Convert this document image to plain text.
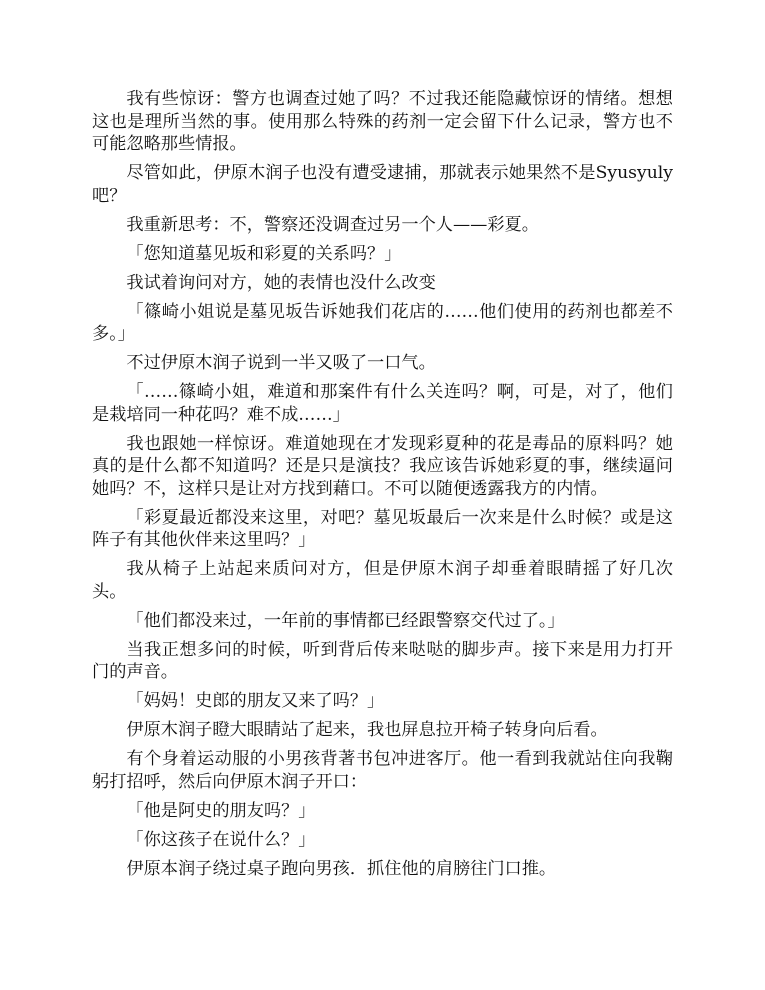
我有些惊讶：警方也调查过她了吗？不过我还能隐藏惊讶的情绪。想想这也是理所当然的事。使用那么特殊的药剂一定会留下什么记录，警方也不可能忽略那些情报。

尽管如此，伊原木润子也没有遭受逮捕，那就表示她果然不是Syusyuly吧？

我重新思考：不，警察还没调查过另一个人——彩夏。

「您知道墓见坂和彩夏的关系吗？」

我试着询问对方，她的表情也没什么改变

「篠崎小姐说是墓见坂告诉她我们花店的……他们使用的药剂也都差不多。」

不过伊原木润子说到一半又吸了一口气。

「……篠崎小姐，难道和那案件有什么关连吗？啊，可是，对了，他们是栽培同一种花吗？难不成……」

我也跟她一样惊讶。难道她现在才发现彩夏种的花是毒品的原料吗？她真的是什么都不知道吗？还是只是演技？我应该告诉她彩夏的事，继续逼问她吗？不，这样只是让对方找到藉口。不可以随便透露我方的内情。

「彩夏最近都没来这里，对吧？墓见坂最后一次来是什么时候？或是这阵子有其他伙伴来这里吗？」

我从椅子上站起来质问对方，但是伊原木润子却垂着眼睛摇了好几次头。

「他们都没来过，一年前的事情都已经跟警察交代过了。」

当我正想多问的时候，听到背后传来哒哒的脚步声。接下来是用力打开门的声音。

「妈妈！史郎的朋友又来了吗？」

伊原木润子瞪大眼睛站了起来，我也屏息拉开椅子转身向后看。

有个身着运动服的小男孩背著书包冲进客厅。他一看到我就站住向我鞠躬打招呼，然后向伊原木润子开口：

「他是阿史的朋友吗？」

「你这孩子在说什么？」

伊原本润子绕过桌子跑向男孩．抓住他的肩膀往门口推。
